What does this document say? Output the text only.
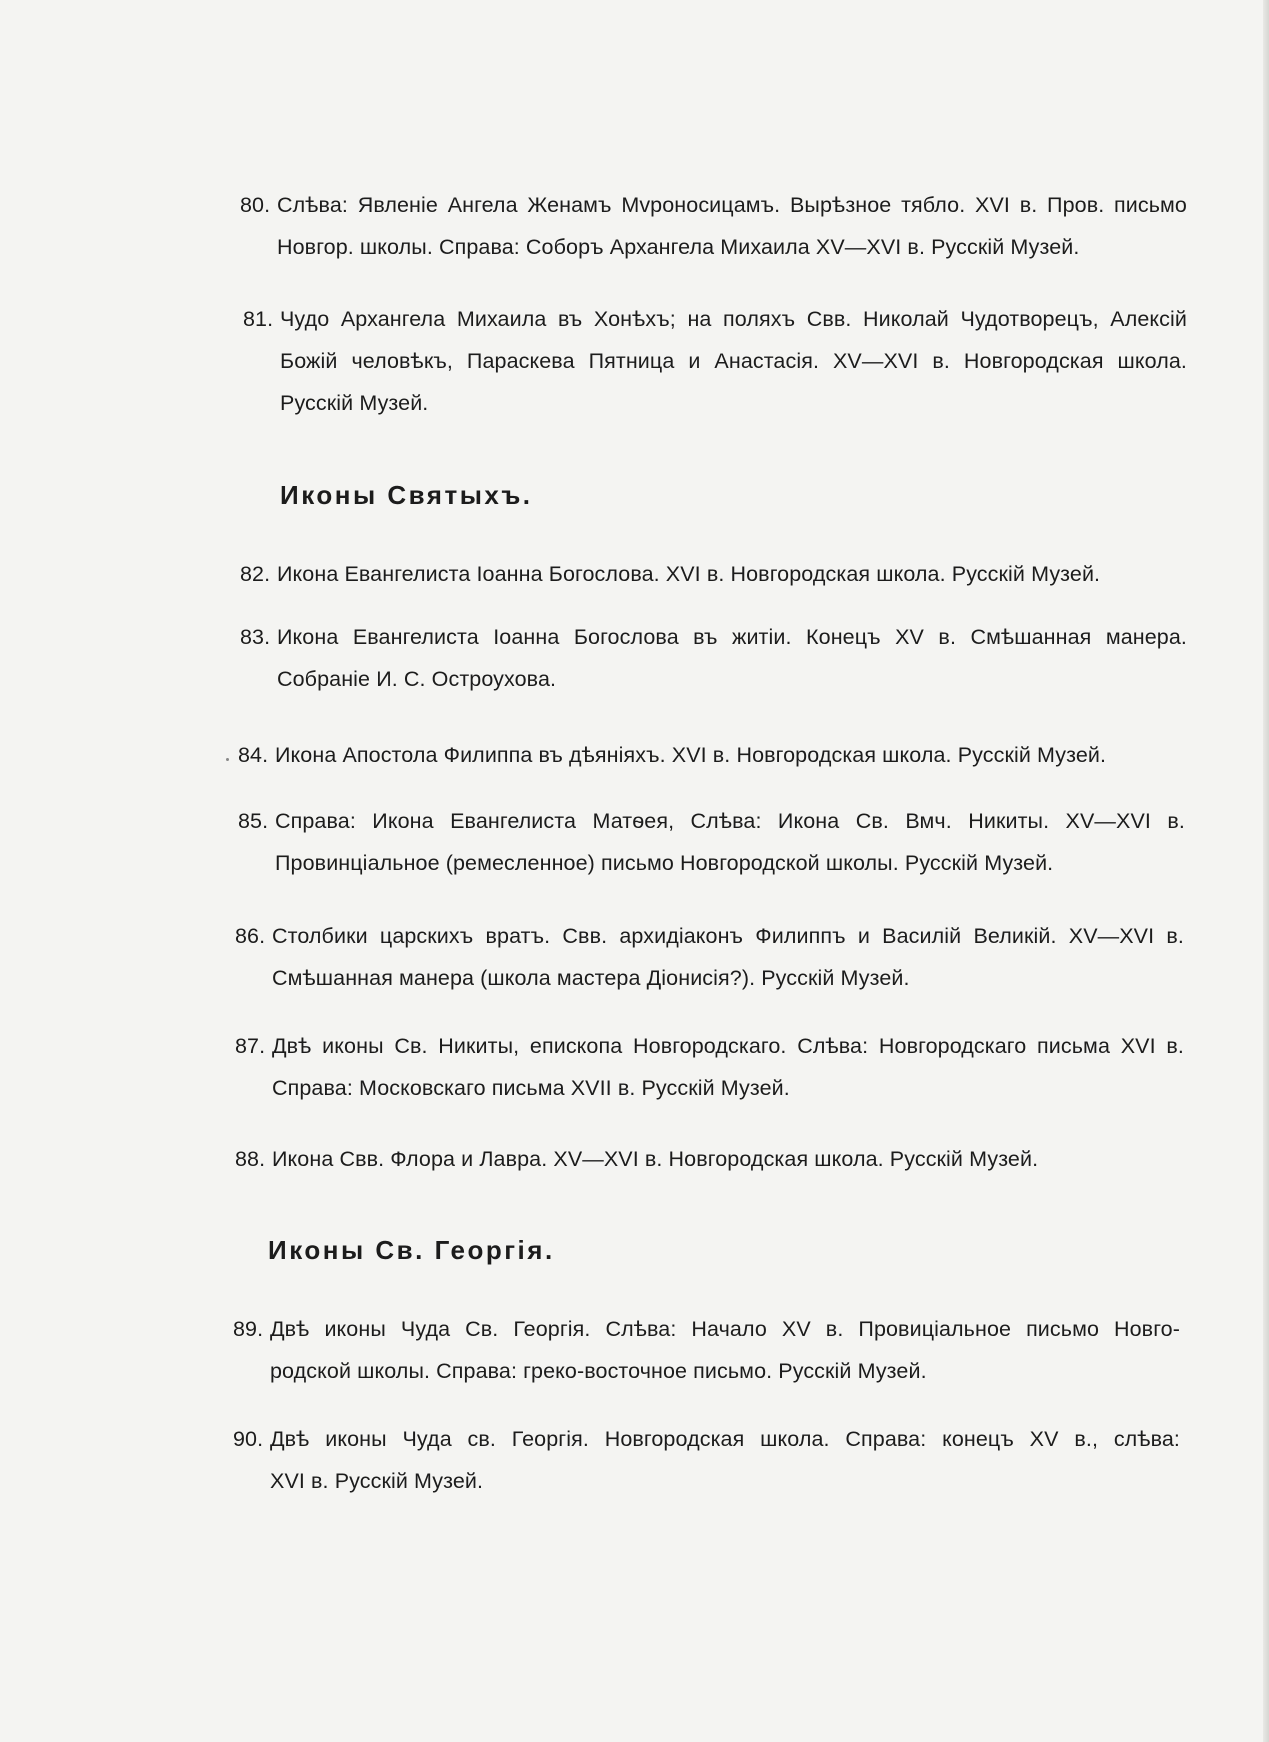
80. Слѣва: Явленіе Ангела Женамъ Мvроносицамъ. Вырѣзное тябло. XVI в. Пров. письмо
Новгор. школы. Справа: Соборъ Архангела Михаила XV—XVI в. Русскій Музей.
81. Чудо Архангела Михаила въ Хонѣхъ; на поляхъ Свв. Николай Чудотворецъ, Алексій
Божій человѣкъ, Параскева Пятница и Анастасія. XV—XVI в. Новгородская школа.
Русскій Музей.
Иконы Святыхъ.
82. Икона Евангелиста Іоанна Богослова. XVI в. Новгородская школа. Русскій Музей.
83. Икона Евангелиста Іоанна Богослова въ житіи. Конецъ XV в. Смѣшанная манера.
Собраніе И. С. Остроухова.
84. Икона Апостола Филиппа въ дѣяніяхъ. XVI в. Новгородская школа. Русскій Музей.
85. Справа: Икона Евангелиста Матѳея, Слѣва: Икона Св. Вмч. Никиты. XV—XVI в.
Провинціальное (ремесленное) письмо Новгородской школы. Русскій Музей.
86. Столбики царскихъ вратъ. Свв. архидіаконъ Филиппъ и Василій Великій. XV—XVI в.
Смѣшанная манера (школа мастера Діонисія?). Русскій Музей.
87. Двѣ иконы Св. Никиты, епископа Новгородскаго. Слѣва: Новгородскаго письма XVI в.
Справа: Московскаго письма XVII в. Русскій Музей.
88. Икона Свв. Флора и Лавра. XV—XVI в. Новгородская школа. Русскій Музей.
Иконы Св. Георгія.
89. Двѣ иконы Чуда Св. Георгія. Слѣва: Начало XV в. Провиціальное письмо Новго-
родской школы. Справа: греко-восточное письмо. Русскій Музей.
90. Двѣ иконы Чуда св. Георгія. Новгородская школа. Справа: конецъ XV в., слѣва:
XVI в. Русскій Музей.
